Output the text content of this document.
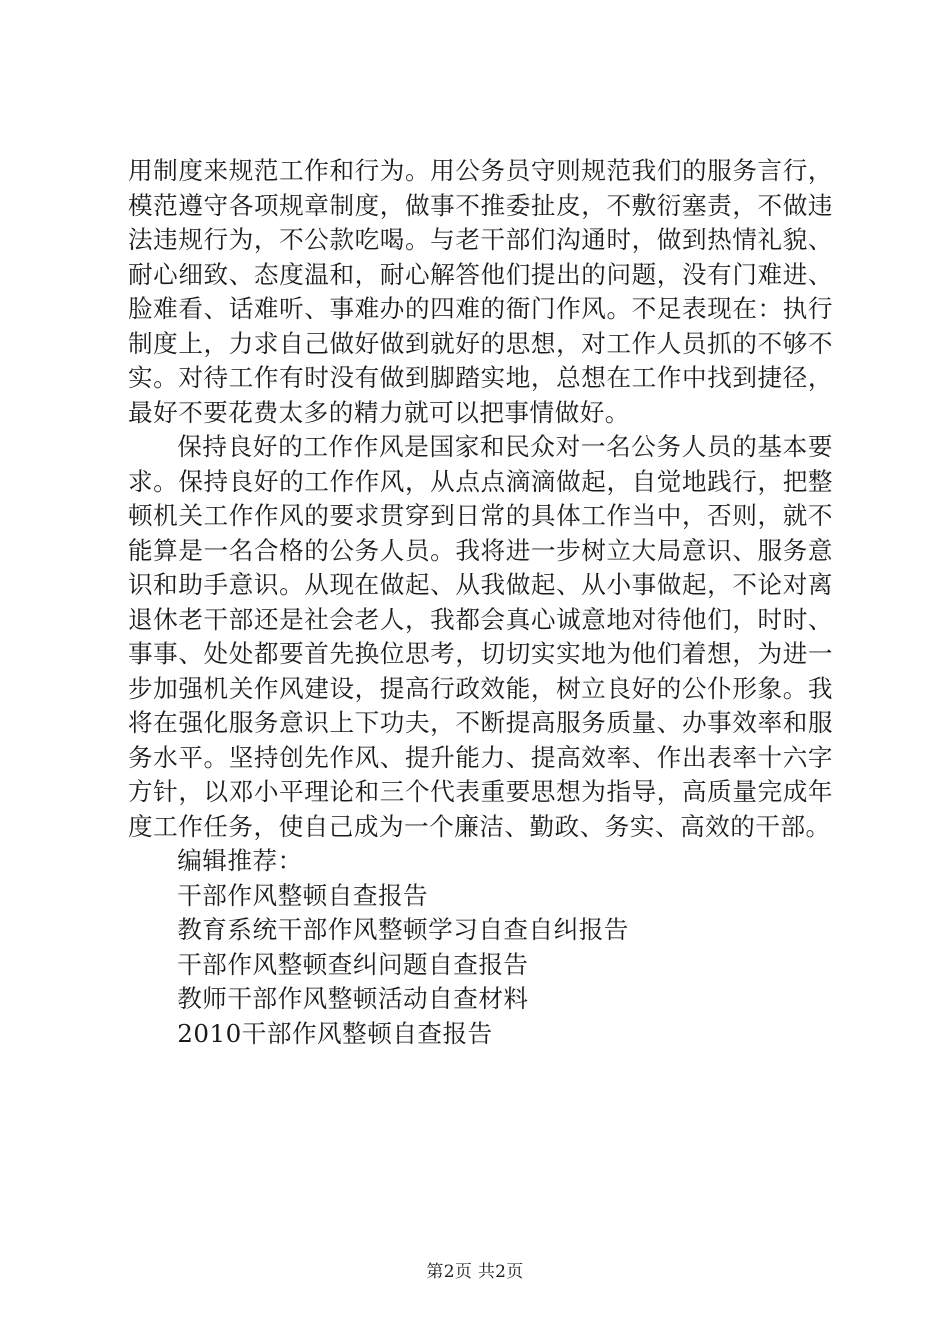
用制度来规范工作和行为。用公务员守则规范我们的服务言行，模范遵守各项规章制度，做事不推委扯皮，不敷衍塞责，不做违法违规行为，不公款吃喝。与老干部们沟通时，做到热情礼貌、耐心细致、态度温和，耐心解答他们提出的问题，没有门难进、脸难看、话难听、事难办的四难的衙门作风。不足表现在：执行制度上，力求自己做好做到就好的思想，对工作人员抓的不够不实。对待工作有时没有做到脚踏实地，总想在工作中找到捷径，最好不要花费太多的精力就可以把事情做好。

保持良好的工作作风是国家和民众对一名公务人员的基本要求。保持良好的工作作风，从点点滴滴做起，自觉地践行，把整顿机关工作作风的要求贯穿到日常的具体工作当中，否则，就不能算是一名合格的公务人员。我将进一步树立大局意识、服务意识和助手意识。从现在做起、从我做起、从小事做起，不论对离退休老干部还是社会老人，我都会真心诚意地对待他们，时时、事事、处处都要首先换位思考，切切实实地为他们着想，为进一步加强机关作风建设，提高行政效能，树立良好的公仆形象。我将在强化服务意识上下功夫，不断提高服务质量、办事效率和服务水平。坚持创先作风、提升能力、提高效率、作出表率十六字方针，以邓小平理论和三个代表重要思想为指导，高质量完成年度工作任务，使自己成为一个廉洁、勤政、务实、高效的干部。

编辑推荐：
干部作风整顿自查报告
教育系统干部作风整顿学习自查自纠报告
干部作风整顿查纠问题自查报告
教师干部作风整顿活动自查材料
2010干部作风整顿自查报告
第2页 共2页
